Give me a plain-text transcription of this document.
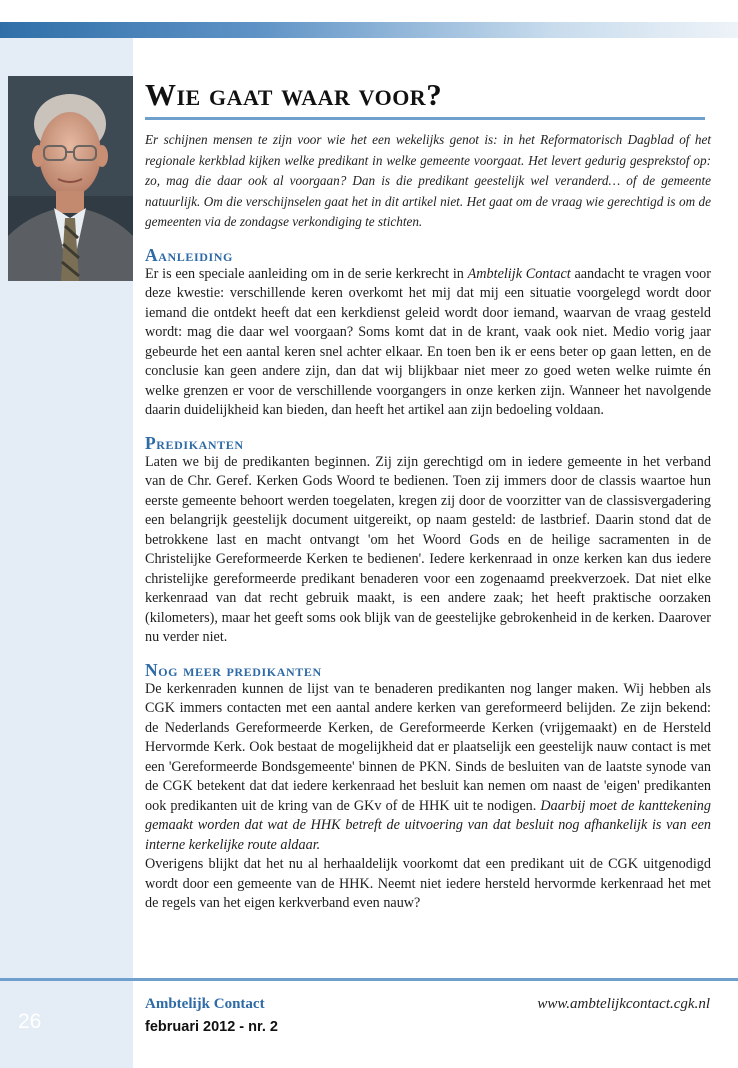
Wie gaat waar voor?

Er schijnen mensen te zijn voor wie het een wekelijks genot is: in het Reformatorisch Dagblad of het regionale kerkblad kijken welke predikant in welke gemeente voorgaat. Het levert gedurig gesprekstof op: zo, mag die daar ook al voorgaan? Dan is die predikant geestelijk wel veranderd… of de gemeente natuurlijk. Om die verschijnselen gaat het in dit artikel niet. Het gaat om de vraag wie gerechtigd is om de gemeenten via de zondagse verkondiging te stichten.

Aanleiding

Er is een speciale aanleiding om in de serie kerkrecht in Ambtelijk Contact aandacht te vragen voor deze kwestie: verschillende keren overkomt het mij dat mij een situatie voorgelegd wordt door iemand die ontdekt heeft dat een kerkdienst geleid wordt door iemand, waarvan de vraag gesteld wordt: mag die daar wel voorgaan? Soms komt dat in de krant, vaak ook niet. Medio vorig jaar gebeurde het een aantal keren snel achter elkaar. En toen ben ik er eens beter op gaan letten, en de conclusie kan geen andere zijn, dan dat wij blijkbaar niet meer zo goed weten welke ruimte én welke grenzen er voor de verschillende voorgangers in onze kerken zijn. Wanneer het navolgende daarin duidelijkheid kan bieden, dan heeft het artikel aan zijn bedoeling voldaan.

Predikanten

Laten we bij de predikanten beginnen. Zij zijn gerechtigd om in iedere gemeente in het verband van de Chr. Geref. Kerken Gods Woord te bedienen. Toen zij immers door de classis waartoe hun eerste gemeente behoort werden toegelaten, kregen zij door de voorzitter van de classisvergadering een belangrijk geestelijk document uitgereikt, op naam gesteld: de lastbrief. Daarin stond dat de betrokkene last en macht ontvangt 'om het Woord Gods en de heilige sacramenten in de Christelijke Gereformeerde Kerken te bedienen'. Iedere kerkenraad in onze kerken kan dus iedere christelijke gereformeerde predikant benaderen voor een zogenaamd preekverzoek. Dat niet elke kerkenraad van dat recht gebruik maakt, is een andere zaak; het heeft praktische oorzaken (kilometers), maar het geeft soms ook blijk van de geestelijke gebrokenheid in de kerken. Daarover nu verder niet.

Nog meer predikanten

De kerkenraden kunnen de lijst van te benaderen predikanten nog langer maken. Wij hebben als CGK immers contacten met een aantal andere kerken van gereformeerd belijden. Ze zijn bekend: de Nederlands Gereformeerde Kerken, de Gereformeerde Kerken (vrijgemaakt) en de Hersteld Hervormde Kerk. Ook bestaat de mogelijkheid dat er plaatselijk een geestelijk nauw contact is met een 'Gereformeerde Bondsgemeente' binnen de PKN. Sinds de besluiten van de laatste synode van de CGK betekent dat dat iedere kerkenraad het besluit kan nemen om naast de 'eigen' predikanten ook predikanten uit de kring van de GKv of de HHK uit te nodigen. Daarbij moet de kanttekening gemaakt worden dat wat de HHK betreft de uitvoering van dat besluit nog afhankelijk is van een interne kerkelijke route aldaar.

Overigens blijkt dat het nu al herhaaldelijk voorkomt dat een predikant uit de CGK uitgenodigd wordt door een gemeente van de HHK. Neemt niet iedere hersteld hervormde kerkenraad het met de regels van het eigen kerkverband even nauw?

26
Ambtelijk Contact
februari 2012 - nr. 2
www.ambtelijkcontact.cgk.nl
